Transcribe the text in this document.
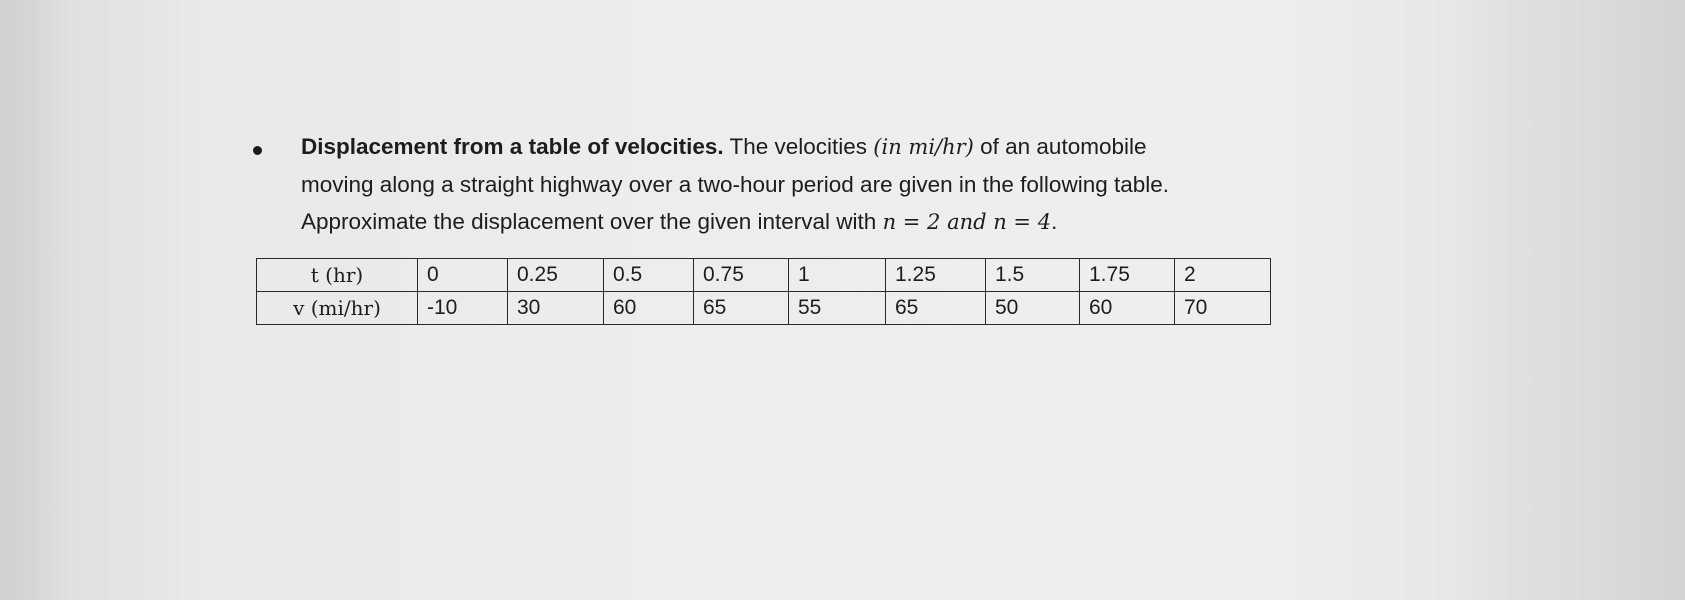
Displacement from a table of velocities. The velocities (in mi/hr) of an automobile
moving along a straight highway over a two-hour period are given in the following table.
Approximate the displacement over the given interval with n = 2 and n = 4.
t (hr)	0	0.25	0.5	0.75	1	1.25	1.5	1.75	2
v (mi/hr)	-10	30	60	65	55	65	50	60	70
